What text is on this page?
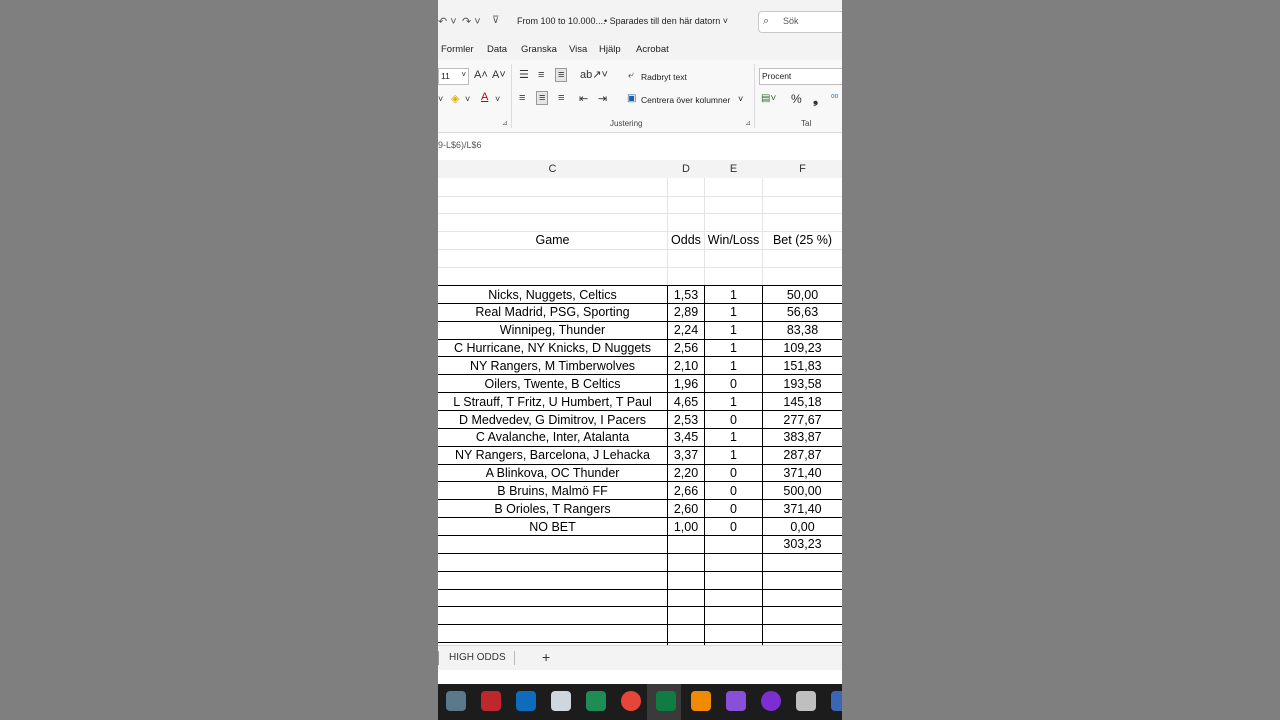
↶ ˅ ↷ ˅ ⊽ From 100 to 10.000....
• Sparades till den här datorn ˅	⌕ Sök
Formler Data Granska Visa Hjälp Acrobat
11 ˅ A˄ A˅
˅ ◈ ˅ A ˅
☰ ≡ ≡ ab↗˅
≡ ≡ ≡ ⇤ ⇥
⤶ Radbryt text
▣ Centrera över kolumner ˅
Justering	⊿
⊿
Procent
▤˅ % ❟ ⁰⁰
Tal
9-L$6)/L$6
C	D	E	F
Game	Odds Win/Loss	Bet (25 %)
Nicks, Nuggets, Celtics	1,53	1	50,00
Real Madrid, PSG, Sporting	2,89	1	56,63
Winnipeg, Thunder	2,24	1	83,38
C Hurricane, NY Knicks, D Nuggets	2,56	1	109,23
NY Rangers, M Timberwolves	2,10	1	151,83
Oilers, Twente, B Celtics	1,96	0	193,58
L Strauff, T Fritz, U Humbert, T Paul	4,65	1	145,18
D Medvedev, G Dimitrov, I Pacers	2,53	0	277,67
C Avalanche, Inter, Atalanta	3,45	1	383,87
NY Rangers, Barcelona, J Lehacka	3,37	1	287,87
A Blinkova, OC Thunder	2,20	0	371,40
B Bruins, Malmö FF	2,66	0	500,00
B Orioles, T Rangers	2,60	0	371,40
NO BET	1,00	0	0,00
303,23
HIGH ODDS	+
